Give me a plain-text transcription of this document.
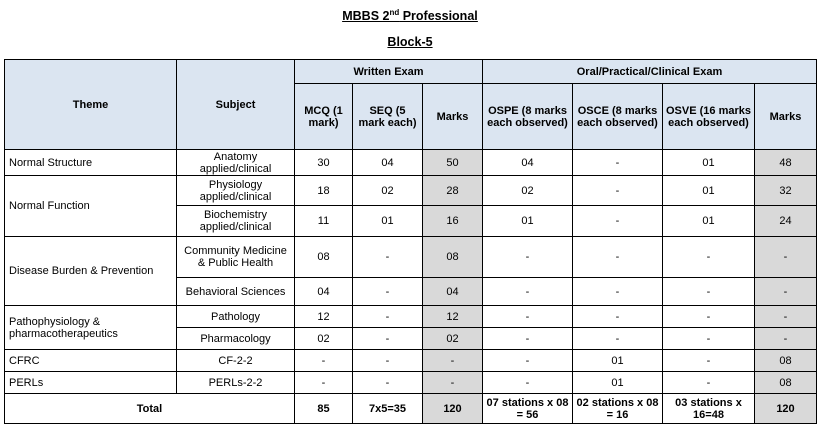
MBBS 2nd Professional
Block-5
Theme	Subject	Written Exam			Oral/Practical/Clinical Exam			
		MCQ (1 mark)	SEQ (5 mark each)	Marks	OSPE (8 marks each observed)	OSCE (8 marks each observed)	OSVE (16 marks each observed)	Marks
Normal Structure	Anatomy applied/clinical	30	04	50	04	-	01	48
Normal Function	Physiology applied/clinical	18	02	28	02	-	01	32
	Biochemistry applied/clinical	11	01	16	01	-	01	24
Disease Burden & Prevention	Community Medicine & Public Health	08	-	08	-	-	-	-
	Behavioral Sciences	04	-	04	-	-	-	-
Pathophysiology & pharmacotherapeutics	Pathology	12	-	12	-	-	-	-
	Pharmacology	02	-	02	-	-	-	-
CFRC	CF-2-2	-	-	-	-	01	-	08
PERLs	PERLs-2-2	-	-	-	-	01	-	08
Total		85	7x5=35	120	07 stations x 08 = 56	02 stations x 08 = 16	03 stations x 16=48	120
